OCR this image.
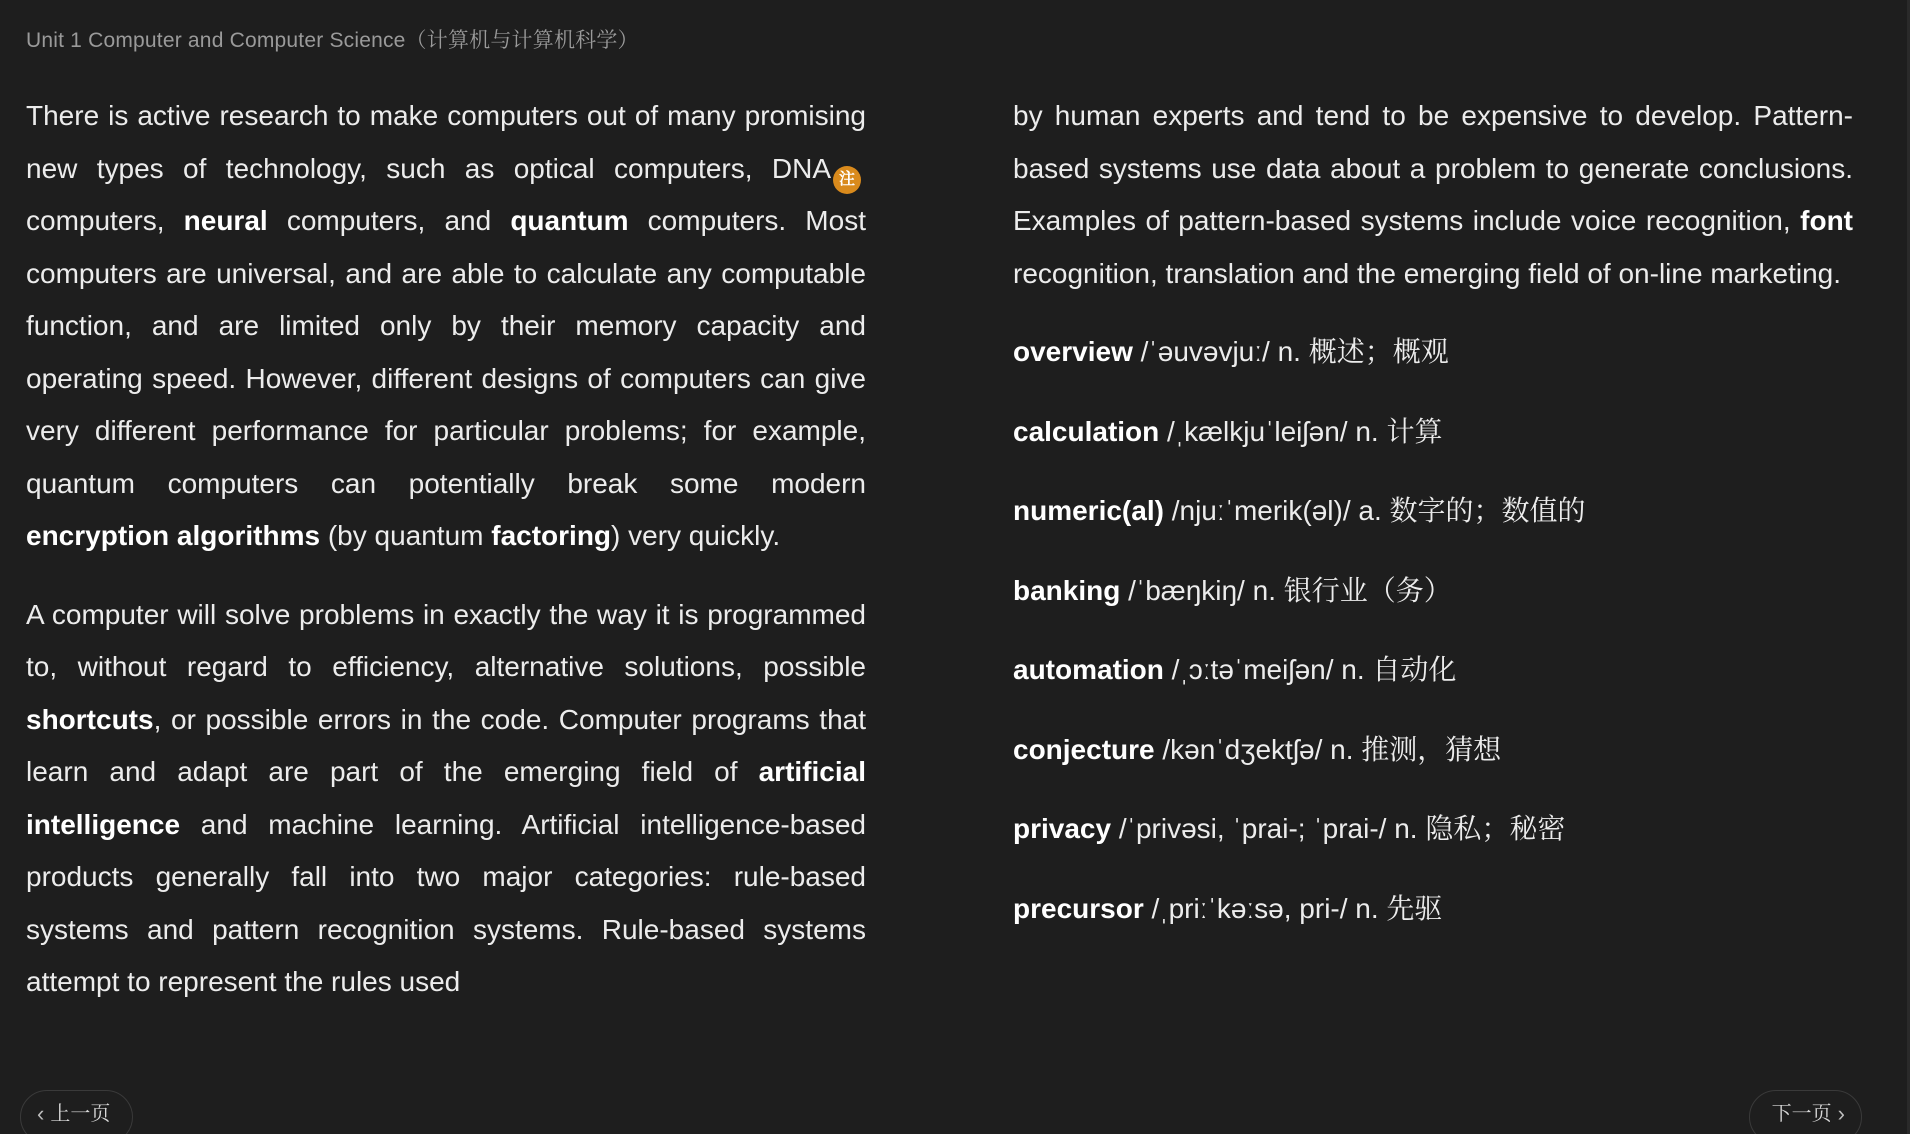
Unit 1 Computer and Computer Science（计算机与计算机科学）

There is active research to make computers out of many promising new types of technology, such as optical computers, DNA 注 computers, neural computers, and quantum computers. Most computers are universal, and are able to calculate any computable function, and are limited only by their memory capacity and operating speed. However, different designs of computers can give very different performance for particular problems; for example, quantum computers can potentially break some modern encryption algorithms (by quantum factoring) very quickly.

A computer will solve problems in exactly the way it is programmed to, without regard to efficiency, alternative solutions, possible shortcuts, or possible errors in the code. Computer programs that learn and adapt are part of the emerging field of artificial intelligence and machine learning. Artificial intelligence-based products generally fall into two major categories: rule-based systems and pattern recognition systems. Rule-based systems attempt to represent the rules used

by human experts and tend to be expensive to develop. Pattern-based systems use data about a problem to generate conclusions. Examples of pattern-based systems include voice recognition, font recognition, translation and the emerging field of on-line marketing.

overview /ˈəuvəvjuː/ n. 概述；概观
calculation /ˌkælkjuˈleiʃən/ n. 计算
numeric(al) /njuːˈmerik(əl)/ a. 数字的；数值的
banking /ˈbæŋkiŋ/ n. 银行业（务）
automation /ˌɔːtəˈmeiʃən/ n. 自动化
conjecture /kənˈdʒektʃə/ n. 推测，猜想
privacy /ˈprivəsi, ˈprai-; ˈprai-/ n. 隐私；秘密
precursor /ˌpriːˈkəːsə, pri-/ n. 先驱
‹ 上一页	下一页 ›
